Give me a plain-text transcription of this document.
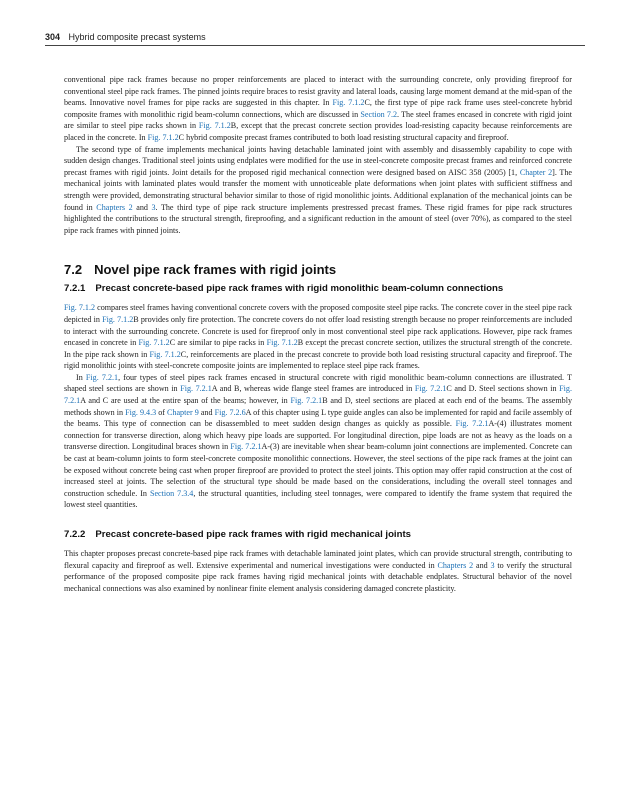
304 Hybrid composite precast systems

conventional pipe rack frames because no proper reinforcements are placed to interact with the surrounding concrete, only providing fireproof for conventional steel pipe rack frames. The pinned joints require braces to resist gravity and lateral loads, causing large moment demand at the mid-span of the beams. Innovative novel frames for pipe racks are suggested in this chapter. In Fig. 7.1.2C, the first type of pipe rack frame uses steel-concrete hybrid composite frames with monolithic rigid beam-column connections, which are discussed in Section 7.2. The steel frames encased in concrete with rigid joint are similar to steel pipe racks shown in Fig. 7.1.2B, except that the precast concrete section provides load-resisting capacity because reinforcements are placed in the concrete. In Fig. 7.1.2C hybrid composite precast frames contributed to both load resisting structural capacity and fireproof.

The second type of frame implements mechanical joints having detachable laminated joint with assembly and disassembly capability to cope with sudden design changes. Traditional steel joints using endplates were modified for the use in steel-concrete composite precast frames and reinforced concrete precast frames with rigid joints. Joint details for the proposed rigid mechanical connection were designed based on AISC 358 (2005) [1, Chapter 2]. The mechanical joints with laminated plates would transfer the moment with unnoticeable plate deformations when joint plates with sufficient stiffness and strength were provided, demonstrating structural behavior similar to those of rigid monolithic joints. Additional explanation of the mechanical joints can be found in Chapters 2 and 3. The third type of pipe rack structure implements prestressed precast frames. These rigid frames for pipe rack structures highlighted the contributions to the structural strength, fireproofing, and a significant reduction in the amount of steel (over 70%), as compared to the steel pipe rack frames with pinned joints.

7.2 Novel pipe rack frames with rigid joints
7.2.1 Precast concrete-based pipe rack frames with rigid monolithic beam-column connections

Fig. 7.1.2 compares steel frames having conventional concrete covers with the proposed composite steel pipe racks. The concrete cover in the steel pipe rack depicted in Fig. 7.1.2B provides only fire protection. The concrete covers do not offer load resisting strength because no proper reinforcements are included to interact with the surrounding concrete. Concrete is used for fireproof only in most conventional steel pipe rack applications. However, pipe rack frames encased in concrete in Fig. 7.1.2C are similar to pipe racks in Fig. 7.1.2B except the precast concrete section, utilizes the structural strength of the concrete. In the pipe rack shown in Fig. 7.1.2C, reinforcements are placed in the precast concrete to provide both load resisting structural capacity and fireproof. The rigid monolithic joints with steel-concrete composite joints are implemented to replace steel pipe rack frames.

In Fig. 7.2.1, four types of steel pipes rack frames encased in structural concrete with rigid monolithic beam-column connections are illustrated. T shaped steel sections are shown in Fig. 7.2.1A and B, whereas wide flange steel frames are introduced in Fig. 7.2.1C and D. Steel sections shown in Fig. 7.2.1A and C are used at the entire span of the beams; however, in Fig. 7.2.1B and D, steel sections are placed at each end of the beams. The assembly methods shown in Fig. 9.4.3 of Chapter 9 and Fig. 7.2.6A of this chapter using L type guide angles can also be implemented for rapid and facile assembly of the beams. This type of connection can be disassembled to meet sudden design changes as quickly as possible. Fig. 7.2.1A-(4) illustrates moment connection for transverse direction, along which heavy pipe loads are supported. For longitudinal direction, pipe loads are not as heavy as the loads on a transverse direction. Longitudinal braces shown in Fig. 7.2.1A-(3) are inevitable when shear beam-column joint connections are implemented. Concrete can be cast at beam-column joints to form steel-concrete composite monolithic connections. However, the steel sections of the pipe rack frames at the joint can be exposed without concrete being cast when proper fireproof are provided to protect the steel joints. This option may offer rapid construction at the cost of increased steel at joints. The selection of the structural type should be made based on the considerations, including the overall steel tonnages and construction schedule. In Section 7.3.4, the structural quantities, including steel tonnages, were compared to identify the frame system that required the lowest steel quantities.

7.2.2 Precast concrete-based pipe rack frames with rigid mechanical joints

This chapter proposes precast concrete-based pipe rack frames with detachable laminated joint plates, which can provide structural strength, contributing to flexural capacity and fireproof as well. Extensive experimental and numerical investigations were conducted in Chapters 2 and 3 to verify the structural performance of the proposed composite pipe rack frames having rigid mechanical joints with detachable endplates. Structural behavior of the novel mechanical connections was also examined by nonlinear finite element analysis considering damaged concrete plasticity.
